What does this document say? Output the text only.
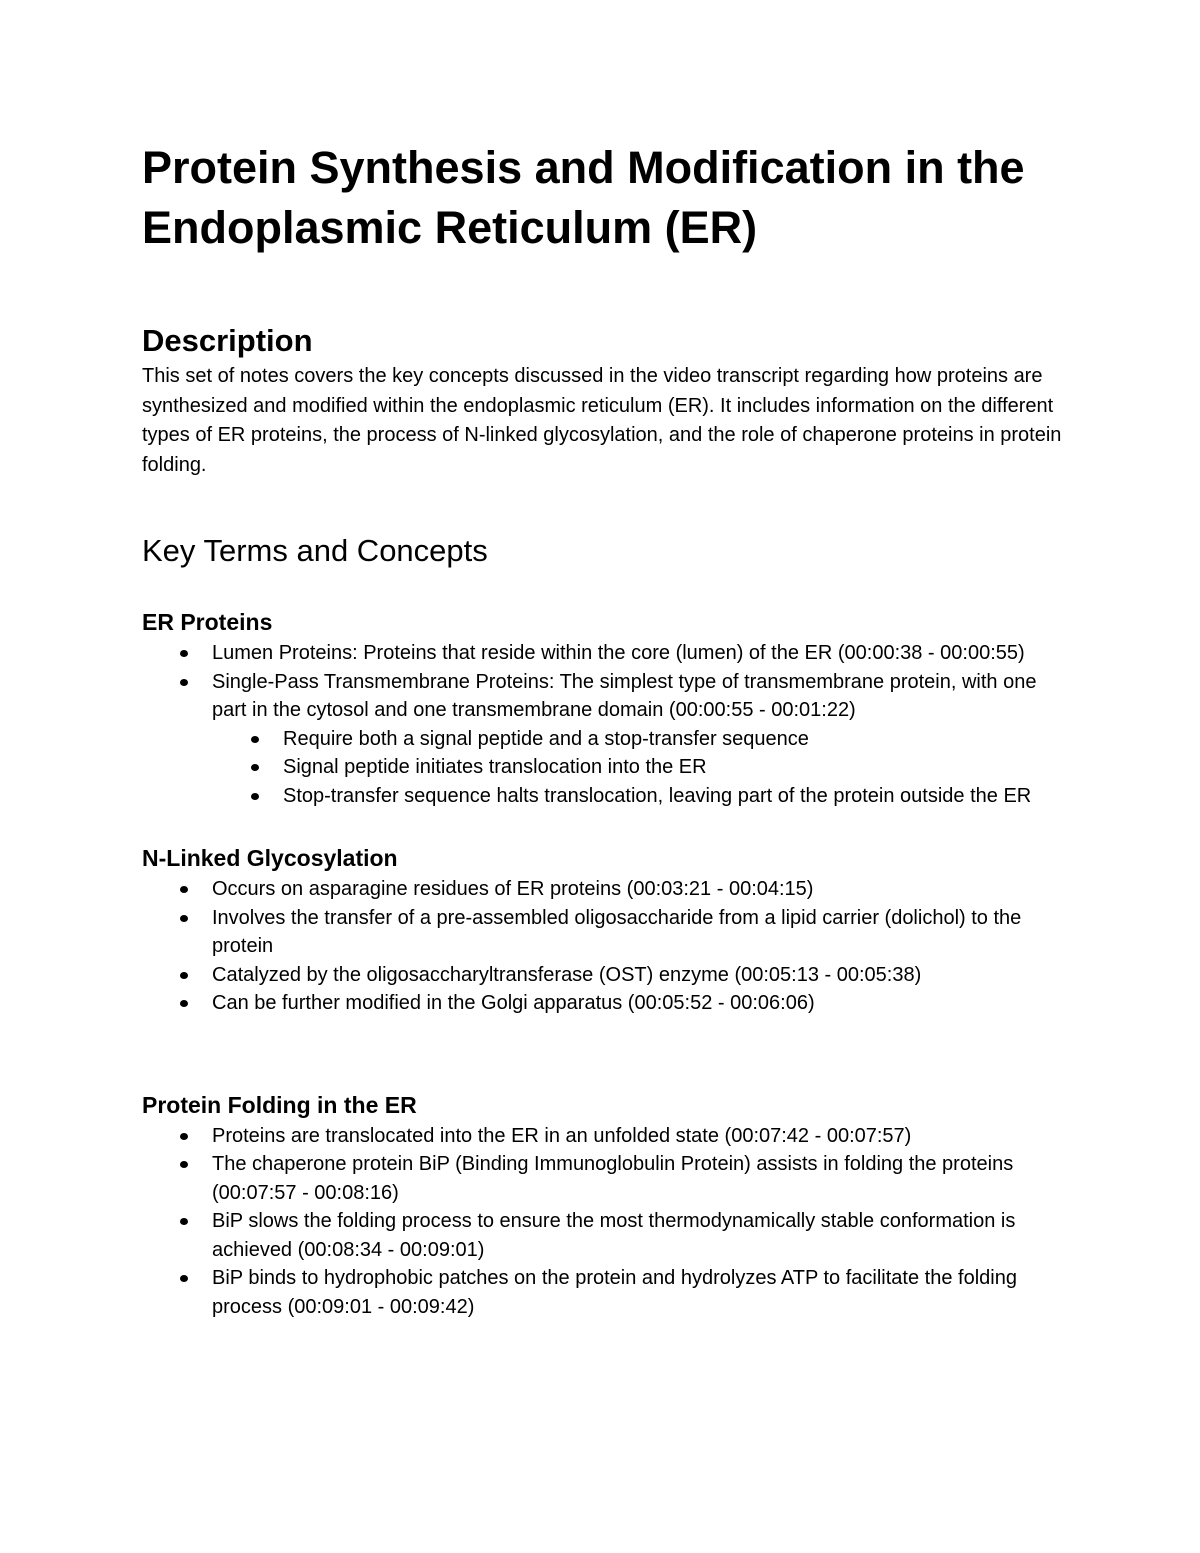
Protein Synthesis and Modification in the Endoplasmic Reticulum (ER)
Description

This set of notes covers the key concepts discussed in the video transcript regarding how proteins are synthesized and modified within the endoplasmic reticulum (ER). It includes information on the different types of ER proteins, the process of N-linked glycosylation, and the role of chaperone proteins in protein folding.

Key Terms and Concepts
ER Proteins
Lumen Proteins: Proteins that reside within the core (lumen) of the ER (00:00:38 - 00:00:55)
Single-Pass Transmembrane Proteins: The simplest type of transmembrane protein, with one part in the cytosol and one transmembrane domain (00:00:55 - 00:01:22)
Require both a signal peptide and a stop-transfer sequence
Signal peptide initiates translocation into the ER
Stop-transfer sequence halts translocation, leaving part of the protein outside the ER
N-Linked Glycosylation
Occurs on asparagine residues of ER proteins (00:03:21 - 00:04:15)
Involves the transfer of a pre-assembled oligosaccharide from a lipid carrier (dolichol) to the protein
Catalyzed by the oligosaccharyltransferase (OST) enzyme (00:05:13 - 00:05:38)
Can be further modified in the Golgi apparatus (00:05:52 - 00:06:06)
Protein Folding in the ER
Proteins are translocated into the ER in an unfolded state (00:07:42 - 00:07:57)
The chaperone protein BiP (Binding Immunoglobulin Protein) assists in folding the proteins (00:07:57 - 00:08:16)
BiP slows the folding process to ensure the most thermodynamically stable conformation is achieved (00:08:34 - 00:09:01)
BiP binds to hydrophobic patches on the protein and hydrolyzes ATP to facilitate the folding process (00:09:01 - 00:09:42)
